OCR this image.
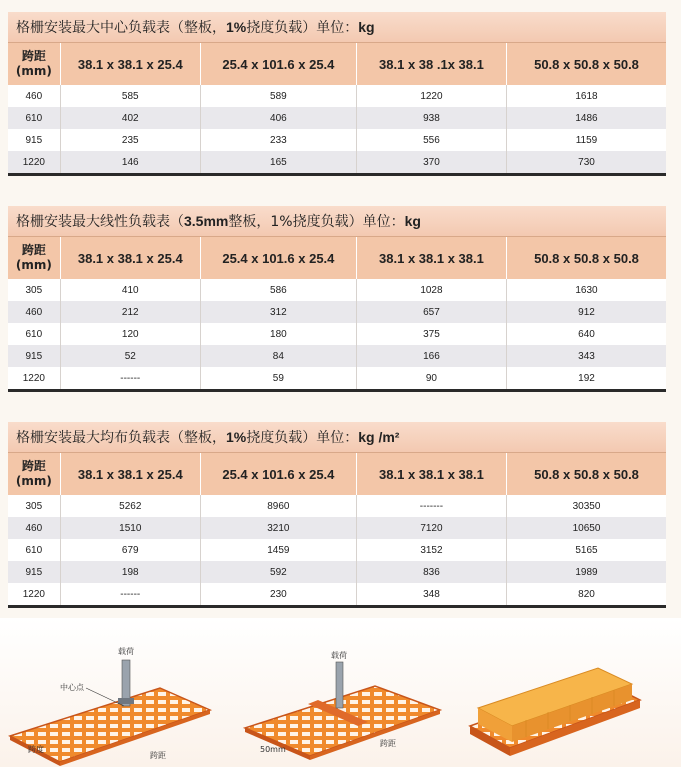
格栅安装最大中心负载表（整板，1%挠度负载）单位：kg
跨距
(mm)	38.1 x 38.1 x 25.4	25.4 x 101.6 x 25.4	38.1 x 38 .1x 38.1	50.8 x 50.8 x 50.8
460	585	589	1220	1618
610	402	406	938	1486
915	235	233	556	1159
1220	146	165	370	730
格栅安装最大线性负载表（3.5mm整板，1%挠度负载）单位：kg
跨距
(mm)	38.1 x 38.1 x 25.4	25.4 x 101.6 x 25.4	38.1 x 38.1 x 38.1	50.8 x 50.8 x 50.8
305	410	586	1028	1630
460	212	312	657	912
610	120	180	375	640
915	52	84	166	343
1220	------	59	90	192
格栅安装最大均布负载表（整板，1%挠度负载）单位：kg /m²
跨距
(mm)	38.1 x 38.1 x 25.4	25.4 x 101.6 x 25.4	38.1 x 38.1 x 38.1	50.8 x 50.8 x 50.8
305	5262	8960	-------	30350
460	1510	3210	7120	10650
610	679	1459	3152	5165
915	198	592	836	1989
1220	------	230	348	820
载荷
中心点
跨距
跨度
载荷
50mm
跨距
